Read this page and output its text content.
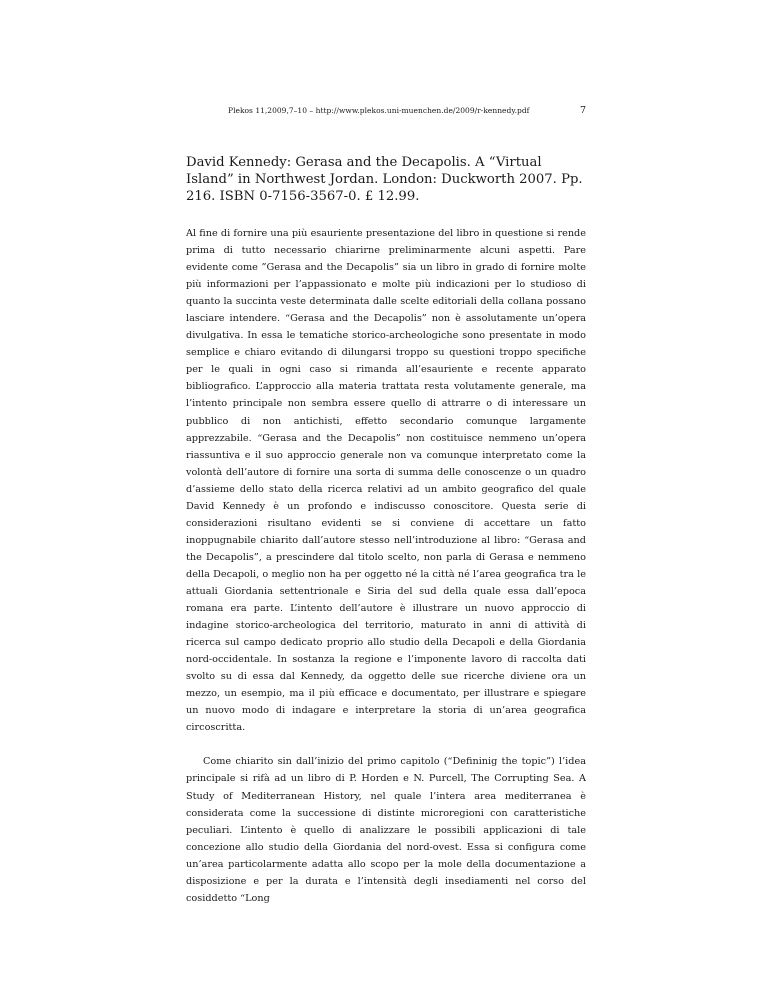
Plekos 11,2009,7–10 – http://www.plekos.uni-muenchen.de/2009/r-kennedy.pdf	7
David Kennedy: Gerasa and the Decapolis. A “Virtual Island” in Northwest Jordan. London: Duckworth 2007. Pp. 216. ISBN 0-7156-3567-0. £ 12.99.

Al fine di fornire una più esauriente presentazione del libro in questione si rende prima di tutto necessario chiarirne preliminarmente alcuni aspetti. Pare evidente come ”Gerasa and the Decapolis” sia un libro in grado di fornire molte più informazioni per l’appassionato e molte più indicazioni per lo studioso di quanto la succinta veste determinata dalle scelte editoriali della collana possano lasciare intendere. “Gerasa and the Decapolis” non è assolutamente un’opera divulgativa. In essa le tematiche storico-archeologiche sono presentate in modo semplice e chiaro evitando di dilungarsi troppo su questioni troppo specifiche per le quali in ogni caso si rimanda all’esauriente e recente apparato bibliografico. L’approccio alla materia trattata resta volutamente generale, ma l’intento principale non sembra essere quello di attrarre o di interessare un pubblico di non antichisti, effetto secondario comunque largamente apprezzabile. “Gerasa and the Decapolis” non costituisce nemmeno un’opera riassuntiva e il suo approccio generale non va comunque interpretato come la volontà dell’autore di fornire una sorta di summa delle conoscenze o un quadro d’assieme dello stato della ricerca relativi ad un ambito geografico del quale David Kennedy è un profondo e indiscusso conoscitore. Questa serie di considerazioni risultano evidenti se si conviene di accettare un fatto inoppugnabile chiarito dall’autore stesso nell’introduzione al libro: “Gerasa and the Decapolis”, a prescindere dal titolo scelto, non parla di Gerasa e nemmeno della Decapoli, o meglio non ha per oggetto né la città né l’area geografica tra le attuali Giordania settentrionale e Siria del sud della quale essa dall’epoca romana era parte. L’intento dell’autore è illustrare un nuovo approccio di indagine storico-archeologica del territorio, maturato in anni di attività di ricerca sul campo dedicato proprio allo studio della Decapoli e della Giordania nord-occidentale. In sostanza la regione e l’imponente lavoro di raccolta dati svolto su di essa dal Kennedy, da oggetto delle sue ricerche diviene ora un mezzo, un esempio, ma il più efficace e documentato, per illustrare e spiegare un nuovo modo di indagare e interpretare la storia di un’area geografica circoscritta.

Come chiarito sin dall’inizio del primo capitolo (“Defininig the topic”) l’idea principale si rifà ad un libro di P. Horden e N. Purcell, The Corrupting Sea. A Study of Mediterranean History, nel quale l’intera area mediterranea è considerata come la successione di distinte microregioni con caratteristiche peculiari. L’intento è quello di analizzare le possibili applicazioni di tale concezione allo studio della Giordania del nord-ovest. Essa si configura come un’area particolarmente adatta allo scopo per la mole della documentazione a disposizione e per la durata e l’intensità degli insediamenti nel corso del cosiddetto “Long
